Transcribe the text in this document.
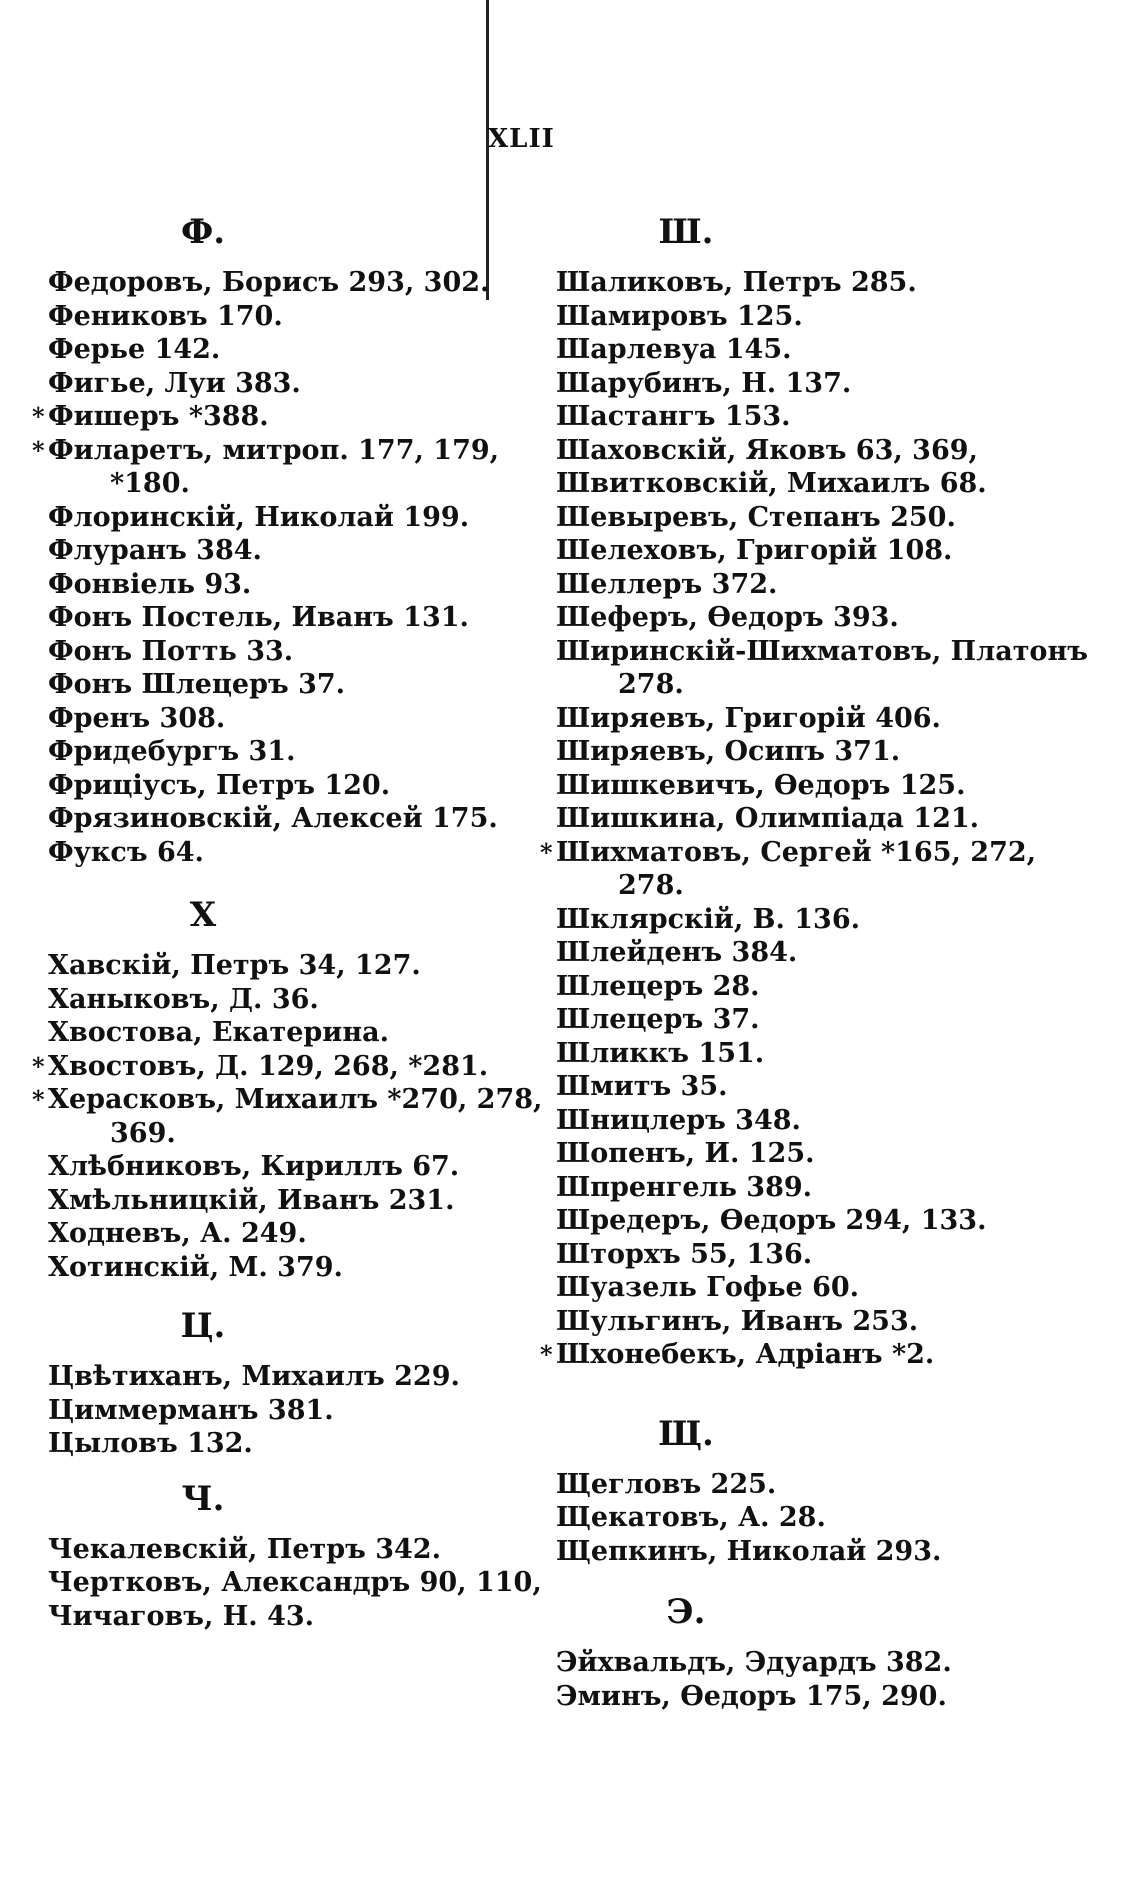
XLII
Ф.
Федоровъ, Борисъ 293, 302.
Фениковъ 170.
Ферье 142.
Фигье, Луи 383.
* Фишеръ *388.
* Филаретъ, митроп. 177, 179,
*180.
Флоринскій, Николай 199.
Флуранъ 384.
Фонвіель 93.
Фонъ Постель, Иванъ 131.
Фонъ Потть 33.
Фонъ Шлецеръ 37.
Френъ 308.
Фридебургъ 31.
Фриціусъ, Петръ 120.
Фрязиновскій, Алексей 175.
Фуксъ 64.
Х
Хавскій, Петръ 34, 127.
Ханыковъ, Д. 36.
Хвостова, Екатерина.
* Хвостовъ, Д. 129, 268, *281.
* Херасковъ, Михаилъ *270, 278,
369.
Хлѣбниковъ, Кириллъ 67.
Хмѣльницкій, Иванъ 231.
Ходневъ, А. 249.
Хотинскій, М. 379.
Ц.
Цвѣтиханъ, Михаилъ 229.
Циммерманъ 381.
Цыловъ 132.
Ч.
Чекалевскій, Петръ 342.
Чертковъ, Александръ 90, 110,
Чичаговъ, Н. 43.
Ш.
Шаликовъ, Петръ 285.
Шамировъ 125.
Шарлевуа 145.
Шарубинъ, Н. 137.
Шастангъ 153.
Шаховскій, Яковъ 63, 369,
Швитковскій, Михаилъ 68.
Шевыревъ, Степанъ 250.
Шелеховъ, Григорій 108.
Шеллеръ 372.
Шеферъ, Өедоръ 393.
Ширинскій-Шихматовъ, Платонъ
278.
Ширяевъ, Григорій 406.
Ширяевъ, Осипъ 371.
Шишкевичъ, Өедоръ 125.
Шишкина, Олимпіада 121.
* Шихматовъ, Сергей *165, 272,
278.
Шклярскій, В. 136.
Шлейденъ 384.
Шлецеръ 28.
Шлецеръ 37.
Шликкъ 151.
Шмитъ 35.
Шницлеръ 348.
Шопенъ, И. 125.
Шпренгель 389.
Шредеръ, Өедоръ 294, 133.
Шторхъ 55, 136.
Шуазель Гофье 60.
Шульгинъ, Иванъ 253.
* Шхонебекъ, Адріанъ *2.
Щ.
Щегловъ 225.
Щекатовъ, А. 28.
Щепкинъ, Николай 293.
Э.
Эйхвальдъ, Эдуардъ 382.
Эминъ, Өедоръ 175, 290.
